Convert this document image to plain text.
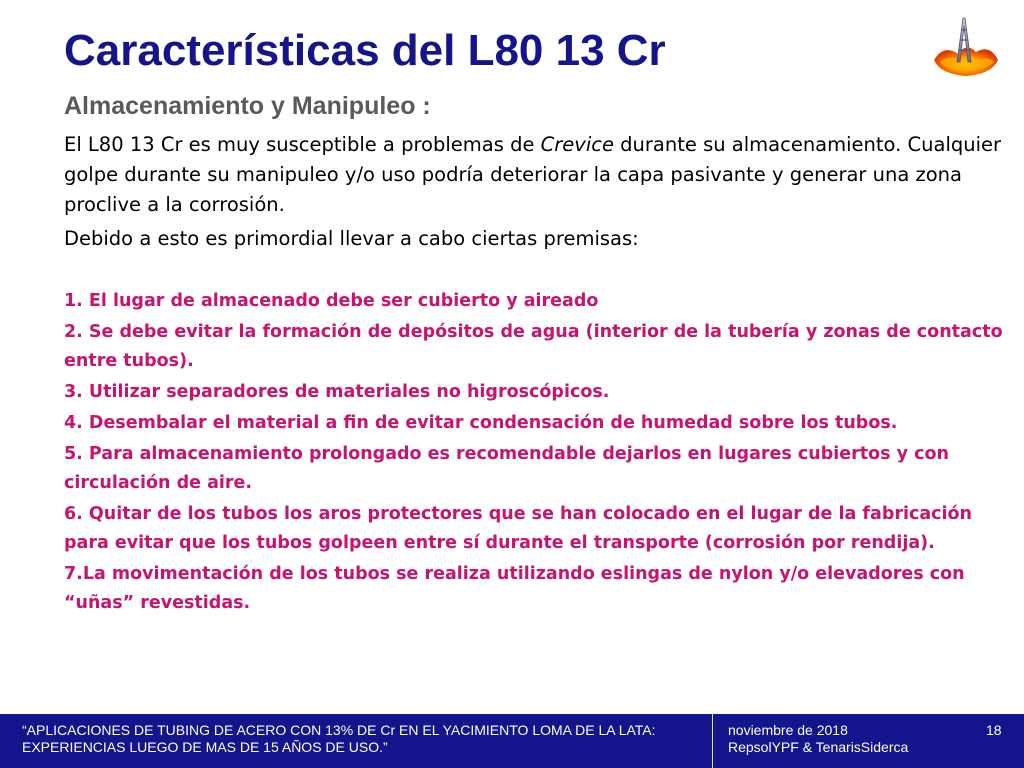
Características del L80 13 Cr
Almacenamiento y Manipuleo :

El L80 13 Cr es muy susceptible a problemas de Crevice durante su almacenamiento. Cualquier golpe durante su manipuleo y/o uso podría deteriorar la capa pasivante y generar una zona proclive a la corrosión.

Debido a esto es primordial llevar a cabo ciertas premisas:

1. El lugar de almacenado debe ser cubierto y aireado
2. Se debe evitar la formación de depósitos de agua (interior de la tubería y zonas de contacto entre tubos).
3. Utilizar separadores de materiales no higroscópicos.
4. Desembalar el material a fin de evitar condensación de humedad sobre los tubos.
5. Para almacenamiento prolongado es recomendable dejarlos en lugares cubiertos y con circulación de aire.
6. Quitar de los tubos los aros protectores que se han colocado en el lugar de la fabricación para evitar que los tubos golpeen entre sí durante el transporte (corrosión por rendija).
7.La movimentación de los tubos se realiza utilizando eslingas de nylon y/o elevadores con “uñas” revestidas.
“APLICACIONES DE TUBING DE ACERO CON 13% DE Cr EN EL YACIMIENTO LOMA DE LA LATA: EXPERIENCIAS LUEGO DE MAS DE 15 AÑOS DE USO.”
noviembre de 2018
RepsolYPF & TenarisSiderca
18
